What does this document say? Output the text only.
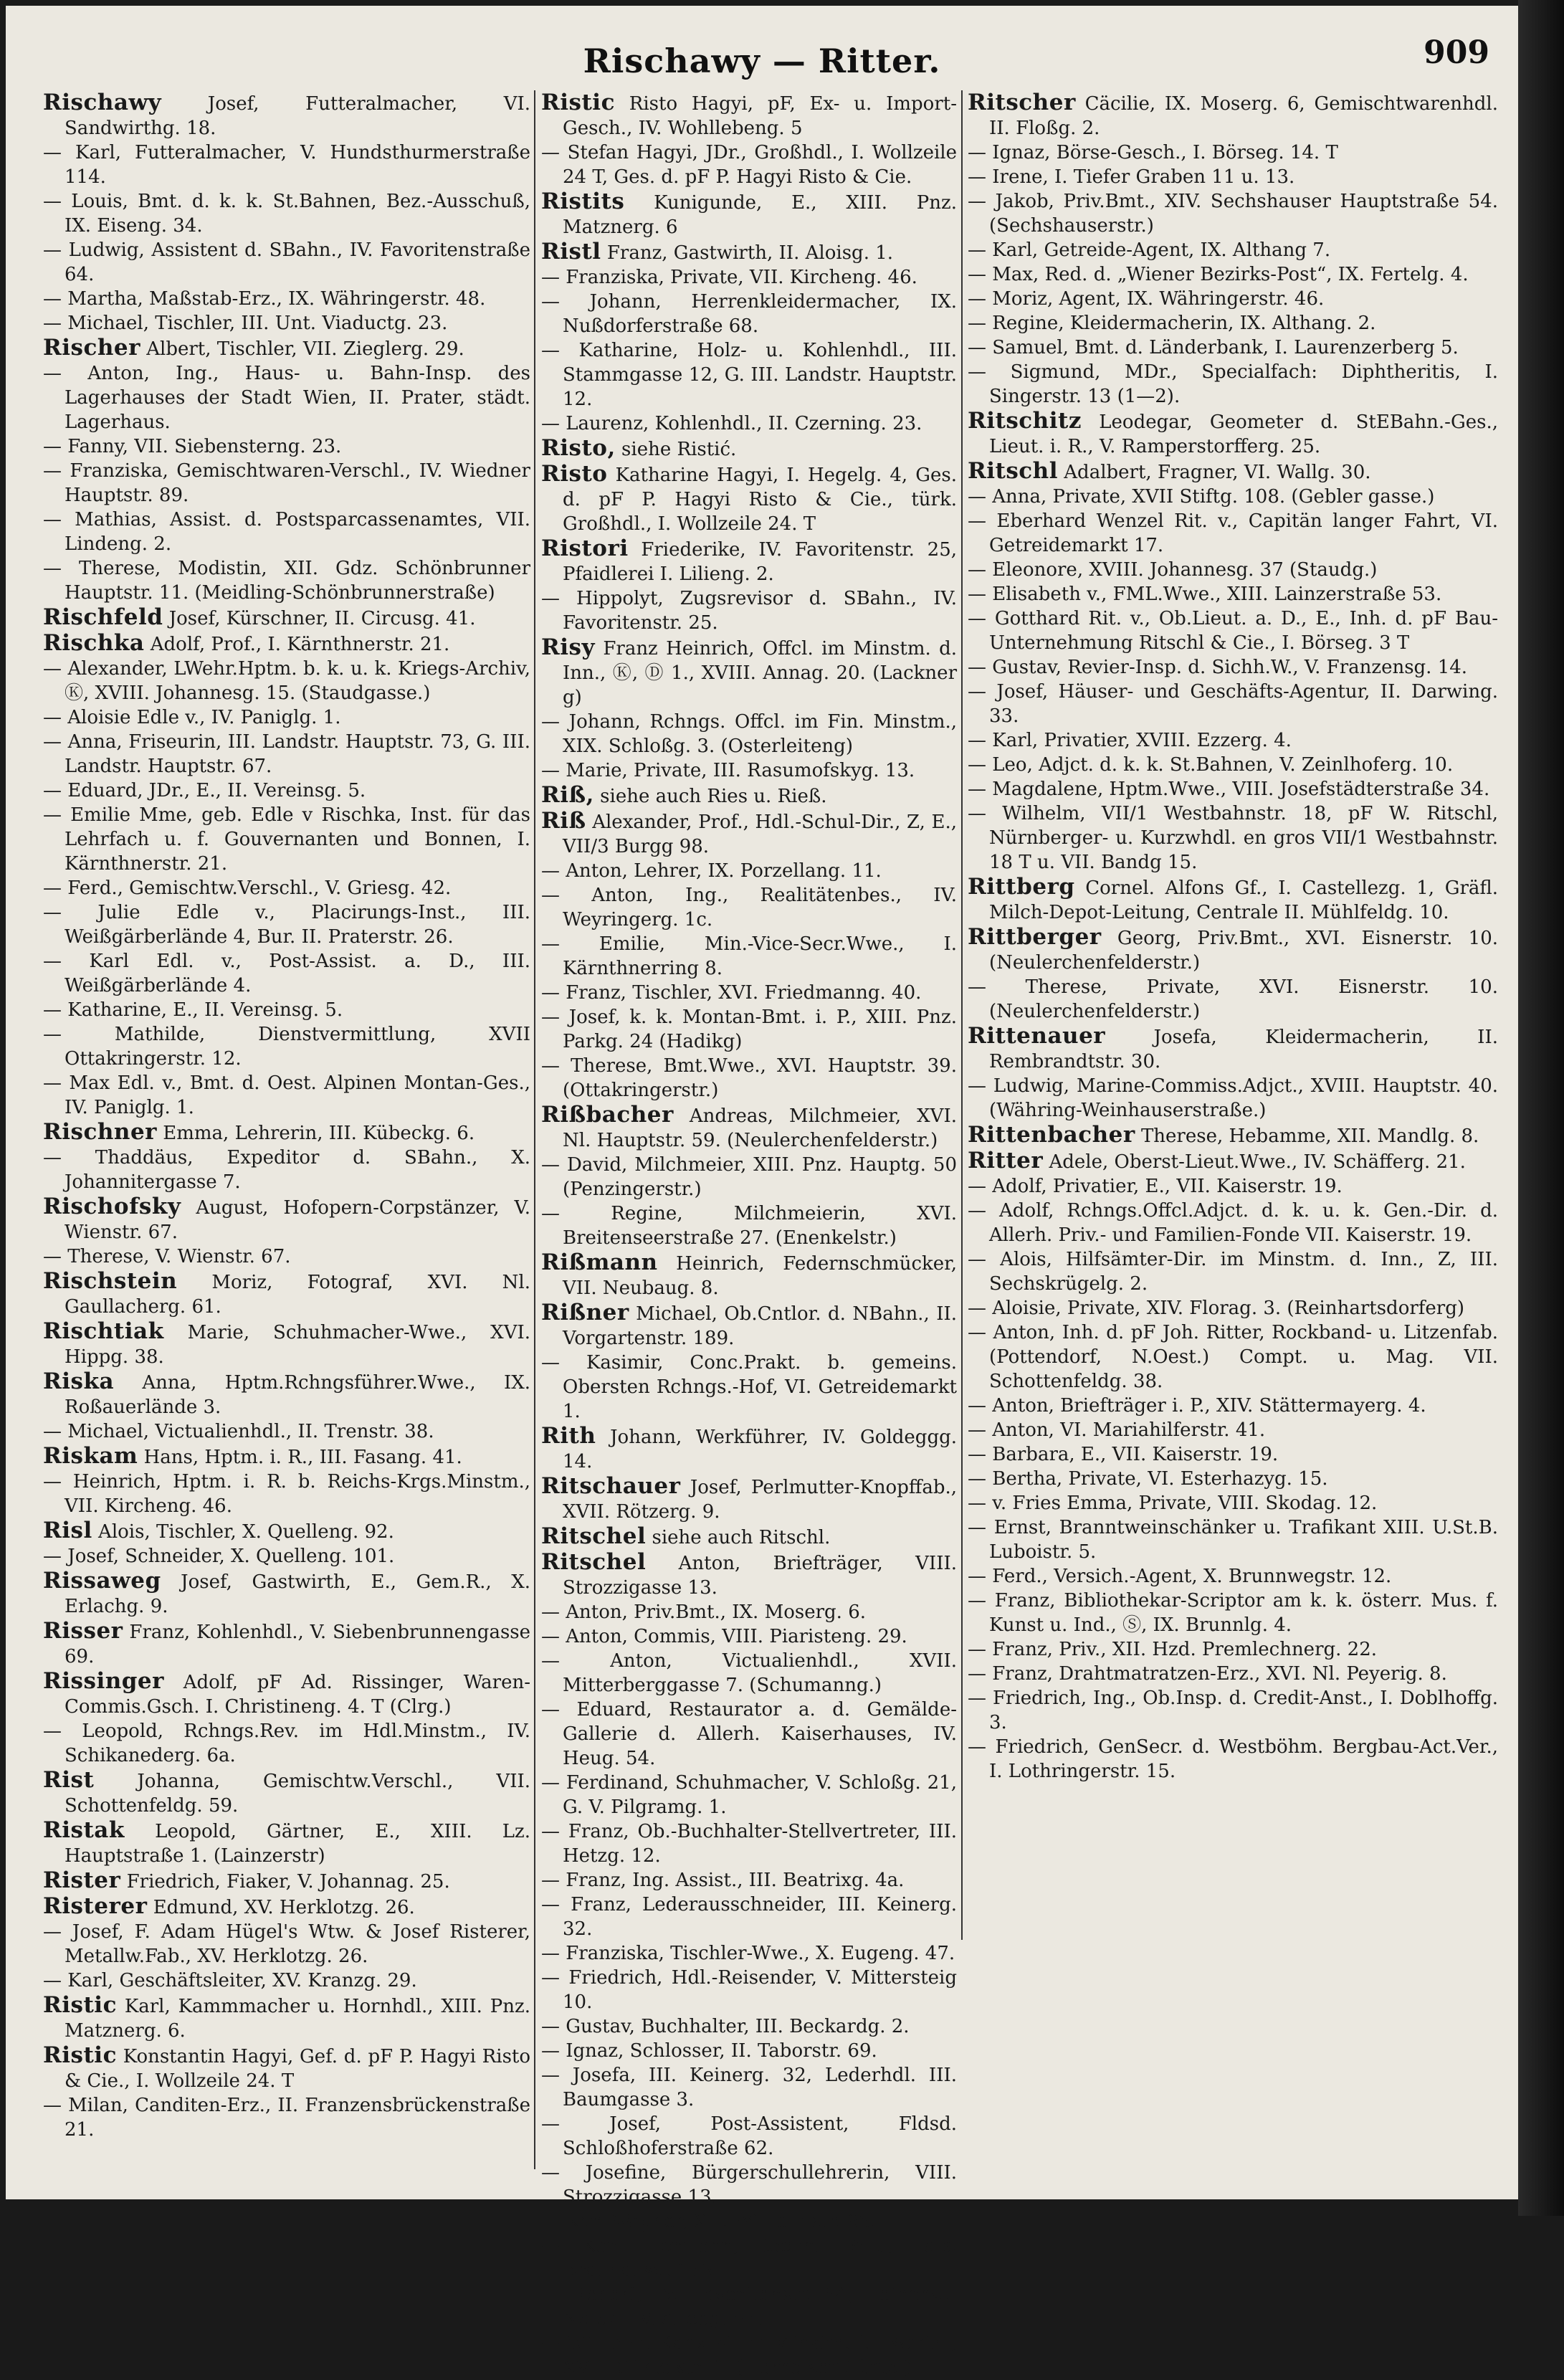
Rischawy — Ritter.	909
Rischawy Josef, Futteralmacher, VI. Sandwirthg. 18.
— Karl, Futteralmacher, V. Hundsthurmerstraße 114.
— Louis, Bmt. d. k. k. St.Bahnen, Bez.-Ausschuß, IX. Eiseng. 34.
— Ludwig, Assistent d. SBahn., IV. Favoritenstraße 64.
— Martha, Maßstab-Erz., IX. Währingerstr. 48.
— Michael, Tischler, III. Unt. Viaductg. 23.
Rischer Albert, Tischler, VII. Zieglerg. 29.
— Anton, Ing., Haus- u. Bahn-Insp. des Lagerhauses der Stadt Wien, II. Prater, städt. Lagerhaus.
— Fanny, VII. Siebensterng. 23.
— Franziska, Gemischtwaren-Verschl., IV. Wiedner Hauptstr. 89.
— Mathias, Assist. d. Postsparcassenamtes, VII. Lindeng. 2.
— Therese, Modistin, XII. Gdz. Schönbrunner Hauptstr. 11. (Meidling-Schönbrunnerstraße)
Rischfeld Josef, Kürschner, II. Circusg. 41.
Rischka Adolf, Prof., I. Kärnthnerstr. 21.
— Alexander, LWehr.Hptm. b. k. u. k. Kriegs-Archiv, Ⓚ, XVIII. Johannesg. 15. (Staudgasse.)
— Aloisie Edle v., IV. Paniglg. 1.
— Anna, Friseurin, III. Landstr. Hauptstr. 73, G. III. Landstr. Hauptstr. 67.
— Eduard, JDr., E., II. Vereinsg. 5.
— Emilie Mme, geb. Edle v Rischka, Inst. für das Lehrfach u. f. Gouvernanten und Bonnen, I. Kärnthnerstr. 21.
— Ferd., Gemischtw.Verschl., V. Griesg. 42.
— Julie Edle v., Placirungs-Inst., III. Weißgärberlände 4, Bur. II. Praterstr. 26.
— Karl Edl. v., Post-Assist. a. D., III. Weißgärberlände 4.
— Katharine, E., II. Vereinsg. 5.
— Mathilde, Dienstvermittlung, XVII Ottakringerstr. 12.
— Max Edl. v., Bmt. d. Oest. Alpinen Montan-Ges., IV. Paniglg. 1.
Rischner Emma, Lehrerin, III. Kübeckg. 6.
— Thaddäus, Expeditor d. SBahn., X. Johannitergasse 7.
Rischofsky August, Hofopern-Corpstänzer, V. Wienstr. 67.
— Therese, V. Wienstr. 67.
Rischstein Moriz, Fotograf, XVI. Nl. Gaullacherg. 61.
Rischtiak Marie, Schuhmacher-Wwe., XVI. Hippg. 38.
Riska Anna, Hptm.Rchngsführer.Wwe., IX. Roßauerlände 3.
— Michael, Victualienhdl., II. Trenstr. 38.
Riskam Hans, Hptm. i. R., III. Fasang. 41.
— Heinrich, Hptm. i. R. b. Reichs-Krgs.Minstm., VII. Kircheng. 46.
Risl Alois, Tischler, X. Quelleng. 92.
— Josef, Schneider, X. Quelleng. 101.
Rissaweg Josef, Gastwirth, E., Gem.R., X. Erlachg. 9.
Risser Franz, Kohlenhdl., V. Siebenbrunnengasse 69.
Rissinger Adolf, pF Ad. Rissinger, Waren-Commis.Gsch. I. Christineng. 4. T (Clrg.)
— Leopold, Rchngs.Rev. im Hdl.Minstm., IV. Schikanederg. 6a.
Rist Johanna, Gemischtw.Verschl., VII. Schottenfeldg. 59.
Ristak Leopold, Gärtner, E., XIII. Lz. Hauptstraße 1. (Lainzerstr)
Rister Friedrich, Fiaker, V. Johannag. 25.
Risterer Edmund, XV. Herklotzg. 26.
— Josef, F. Adam Hügel's Wtw. & Josef Risterer, Metallw.Fab., XV. Herklotzg. 26.
— Karl, Geschäftsleiter, XV. Kranzg. 29.
Ristic Karl, Kammmacher u. Hornhdl., XIII. Pnz. Matznerg. 6.
Ristic Konstantin Hagyi, Gef. d. pF P. Hagyi Risto & Cie., I. Wollzeile 24. T
— Milan, Canditen-Erz., II. Franzensbrückenstraße 21.
Ristic Risto Hagyi, pF, Ex- u. Import-Gesch., IV. Wohllebeng. 5
— Stefan Hagyi, JDr., Großhdl., I. Wollzeile 24 T, Ges. d. pF P. Hagyi Risto & Cie.
Ristits Kunigunde, E., XIII. Pnz. Matznerg. 6
Ristl Franz, Gastwirth, II. Aloisg. 1.
— Franziska, Private, VII. Kircheng. 46.
— Johann, Herrenkleidermacher, IX. Nußdorferstraße 68.
— Katharine, Holz- u. Kohlenhdl., III. Stammgasse 12, G. III. Landstr. Hauptstr. 12.
— Laurenz, Kohlenhdl., II. Czerning. 23.
Risto, siehe Ristić.
Risto Katharine Hagyi, I. Hegelg. 4, Ges. d. pF P. Hagyi Risto & Cie., türk. Großhdl., I. Wollzeile 24. T
Ristori Friederike, IV. Favoritenstr. 25, Pfaidlerei I. Lilieng. 2.
— Hippolyt, Zugsrevisor d. SBahn., IV. Favoritenstr. 25.
Risy Franz Heinrich, Offcl. im Minstm. d. Inn., Ⓚ, Ⓓ 1., XVIII. Annag. 20. (Lackner g)
— Johann, Rchngs. Offcl. im Fin. Minstm., XIX. Schloßg. 3. (Osterleiteng)
— Marie, Private, III. Rasumofskyg. 13.
Riß, siehe auch Ries u. Rieß.
Riß Alexander, Prof., Hdl.-Schul-Dir., Z, E., VII/3 Burgg 98.
— Anton, Lehrer, IX. Porzellang. 11.
— Anton, Ing., Realitätenbes., IV. Weyringerg. 1c.
— Emilie, Min.-Vice-Secr.Wwe., I. Kärnthnerring 8.
— Franz, Tischler, XVI. Friedmanng. 40.
— Josef, k. k. Montan-Bmt. i. P., XIII. Pnz. Parkg. 24 (Hadikg)
— Therese, Bmt.Wwe., XVI. Hauptstr. 39. (Ottakringerstr.)
Rißbacher Andreas, Milchmeier, XVI. Nl. Hauptstr. 59. (Neulerchenfelderstr.)
— David, Milchmeier, XIII. Pnz. Hauptg. 50 (Penzingerstr.)
— Regine, Milchmeierin, XVI. Breitenseerstraße 27. (Enenkelstr.)
Rißmann Heinrich, Federnschmücker, VII. Neubaug. 8.
Rißner Michael, Ob.Cntlor. d. NBahn., II. Vorgartenstr. 189.
— Kasimir, Conc.Prakt. b. gemeins. Obersten Rchngs.-Hof, VI. Getreidemarkt 1.
Rith Johann, Werkführer, IV. Goldeggg. 14.
Ritschauer Josef, Perlmutter-Knopffab., XVII. Rötzerg. 9.
Ritschel siehe auch Ritschl.
Ritschel Anton, Briefträger, VIII. Strozzigasse 13.
— Anton, Priv.Bmt., IX. Moserg. 6.
— Anton, Commis, VIII. Piaristeng. 29.
— Anton, Victualienhdl., XVII. Mitterberggasse 7. (Schumanng.)
— Eduard, Restaurator a. d. Gemälde-Gallerie d. Allerh. Kaiserhauses, IV. Heug. 54.
— Ferdinand, Schuhmacher, V. Schloßg. 21, G. V. Pilgramg. 1.
— Franz, Ob.-Buchhalter-Stellvertreter, III. Hetzg. 12.
— Franz, Ing. Assist., III. Beatrixg. 4a.
— Franz, Lederausschneider, III. Keinerg. 32.
— Franziska, Tischler-Wwe., X. Eugeng. 47.
— Friedrich, Hdl.-Reisender, V. Mittersteig 10.
— Gustav, Buchhalter, III. Beckardg. 2.
— Ignaz, Schlosser, II. Taborstr. 69.
— Josefa, III. Keinerg. 32, Lederhdl. III. Baumgasse 3.
— Josef, Post-Assistent, Fldsd. Schloßhoferstraße 62.
— Josefine, Bürgerschullehrerin, VIII. Strozzigasse 13.
— Karl Wagner, XII. Wilhelmstr. 68.
— Karl Hermann, techn. Bmt., Idls. Brauhausg. 176.
— Robert, IV. Favoritenstr. 54, Leinenw.-Ndlge. IV. Alleeg. 57.
— Wilhelm, Kanzlist im Minstm. f. LWerth., XVII. Gürtelstr. 1. (Hernalser Gürtel)
Ritscher Cäcilie, IX. Moserg. 6, Gemischtwarenhdl. II. Floßg. 2.
— Ignaz, Börse-Gesch., I. Börseg. 14. T
— Irene, I. Tiefer Graben 11 u. 13.
— Jakob, Priv.Bmt., XIV. Sechshauser Hauptstraße 54. (Sechshauserstr.)
— Karl, Getreide-Agent, IX. Althang 7.
— Max, Red. d. „Wiener Bezirks-Post“, IX. Fertelg. 4.
— Moriz, Agent, IX. Währingerstr. 46.
— Regine, Kleidermacherin, IX. Althang. 2.
— Samuel, Bmt. d. Länderbank, I. Laurenzerberg 5.
— Sigmund, MDr., Specialfach: Diphtheritis, I. Singerstr. 13 (1—2).
Ritschitz Leodegar, Geometer d. StEBahn.-Ges., Lieut. i. R., V. Ramperstorfferg. 25.
Ritschl Adalbert, Fragner, VI. Wallg. 30.
— Anna, Private, XVII Stiftg. 108. (Gebler gasse.)
— Eberhard Wenzel Rit. v., Capitän langer Fahrt, VI. Getreidemarkt 17.
— Eleonore, XVIII. Johannesg. 37 (Staudg.)
— Elisabeth v., FML.Wwe., XIII. Lainzerstraße 53.
— Gotthard Rit. v., Ob.Lieut. a. D., E., Inh. d. pF Bau-Unternehmung Ritschl & Cie., I. Börseg. 3 T
— Gustav, Revier-Insp. d. Sichh.W., V. Franzensg. 14.
— Josef, Häuser- und Geschäfts-Agentur, II. Darwing. 33.
— Karl, Privatier, XVIII. Ezzerg. 4.
— Leo, Adjct. d. k. k. St.Bahnen, V. Zeinlhoferg. 10.
— Magdalene, Hptm.Wwe., VIII. Josefstädterstraße 34.
— Wilhelm, VII/1 Westbahnstr. 18, pF W. Ritschl, Nürnberger- u. Kurzwhdl. en gros VII/1 Westbahnstr. 18 T u. VII. Bandg 15.
Rittberg Cornel. Alfons Gf., I. Castellezg. 1, Gräfl. Milch-Depot-Leitung, Centrale II. Mühlfeldg. 10.
Rittberger Georg, Priv.Bmt., XVI. Eisnerstr. 10. (Neulerchenfelderstr.)
— Therese, Private, XVI. Eisnerstr. 10. (Neulerchenfelderstr.)
Rittenauer	Josefa, Kleidermacherin, II. Rembrandtstr. 30.
— Ludwig, Marine-Commiss.Adjct., XVIII. Hauptstr. 40. (Währing-Weinhauserstraße.)
Rittenbacher Therese, Hebamme, XII. Mandlg. 8.
Ritter Adele, Oberst-Lieut.Wwe., IV. Schäfferg. 21.
— Adolf, Privatier, E., VII. Kaiserstr. 19.
— Adolf, Rchngs.Offcl.Adjct. d. k. u. k. Gen.-Dir. d. Allerh. Priv.- und Familien-Fonde VII. Kaiserstr. 19.
— Alois, Hilfsämter-Dir. im Minstm. d. Inn., Z, III. Sechskrügelg. 2.
— Aloisie, Private, XIV. Florag. 3. (Reinhartsdorferg)
— Anton, Inh. d. pF Joh. Ritter, Rockband- u. Litzenfab. (Pottendorf, N.Oest.) Compt. u. Mag. VII. Schottenfeldg. 38.
— Anton, Briefträger i. P., XIV. Stättermayerg. 4.
— Anton, VI. Mariahilferstr. 41.
— Barbara, E., VII. Kaiserstr. 19.
— Bertha, Private, VI. Esterhazyg. 15.
— v. Fries Emma, Private, VIII. Skodag. 12.
— Ernst, Branntweinschänker u. Trafikant XIII. U.St.B. Luboistr. 5.
— Ferd., Versich.-Agent, X. Brunnwegstr. 12.
— Franz, Bibliothekar-Scriptor am k. k. österr. Mus. f. Kunst u. Ind., Ⓢ, IX. Brunnlg. 4.
— Franz, Priv., XII. Hzd. Premlechnerg. 22.
— Franz, Drahtmatratzen-Erz., XVI. Nl. Peyerig. 8.
— Friedrich, Ing., Ob.Insp. d. Credit-Anst., I. Doblhoffg. 3.
— Friedrich, GenSecr. d. Westböhm. Bergbau-Act.Ver., I. Lothringerstr. 15.
